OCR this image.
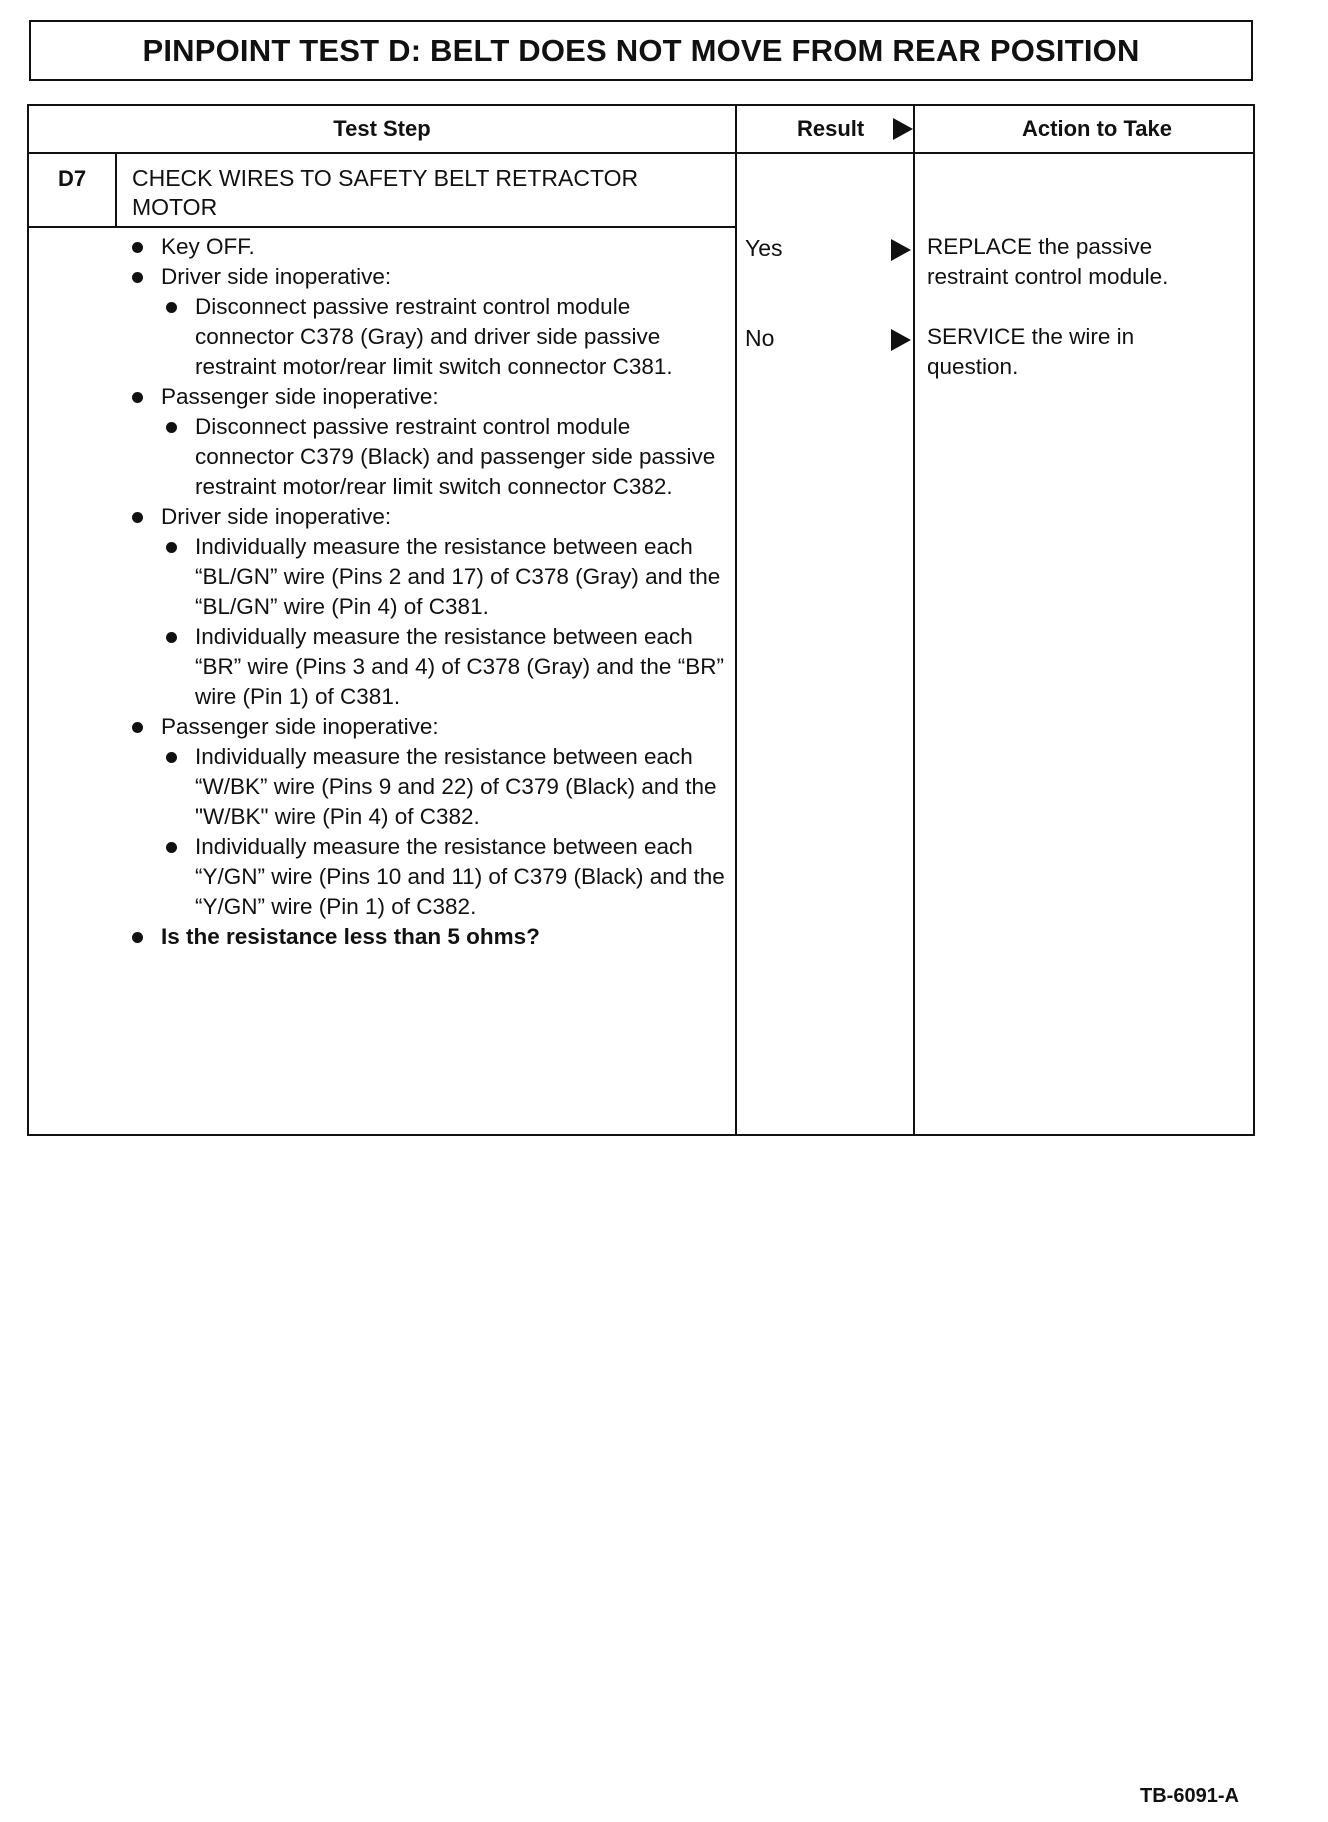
PINPOINT TEST D: BELT DOES NOT MOVE FROM REAR POSITION
Test Step	Result	Action to Take
D7	CHECK WIRES TO SAFETY BELT RETRACTOR MOTOR
Key OFF.
Driver side inoperative:
Disconnect passive restraint control module connector C378 (Gray) and driver side passive restraint motor/rear limit switch connector C381.
Passenger side inoperative:
Disconnect passive restraint control module connector C379 (Black) and passenger side passive restraint motor/rear limit switch connector C382.
Driver side inoperative:
Individually measure the resistance between each “BL/GN” wire (Pins 2 and 17) of C378 (Gray) and the “BL/GN” wire (Pin 4) of C381.
Individually measure the resistance between each “BR” wire (Pins 3 and 4) of C378 (Gray) and the “BR” wire (Pin 1) of C381.
Passenger side inoperative:
Individually measure the resistance between each “W/BK” wire (Pins 9 and 22) of C379 (Black) and the "W/BK" wire (Pin 4) of C382.
Individually measure the resistance between each “Y/GN” wire (Pins 10 and 11) of C379 (Black) and the “Y/GN” wire (Pin 1) of C382.
Is the resistance less than 5 ohms?
Yes	REPLACE the passive restraint control module.
No	SERVICE the wire in question.
TB-6091-A
